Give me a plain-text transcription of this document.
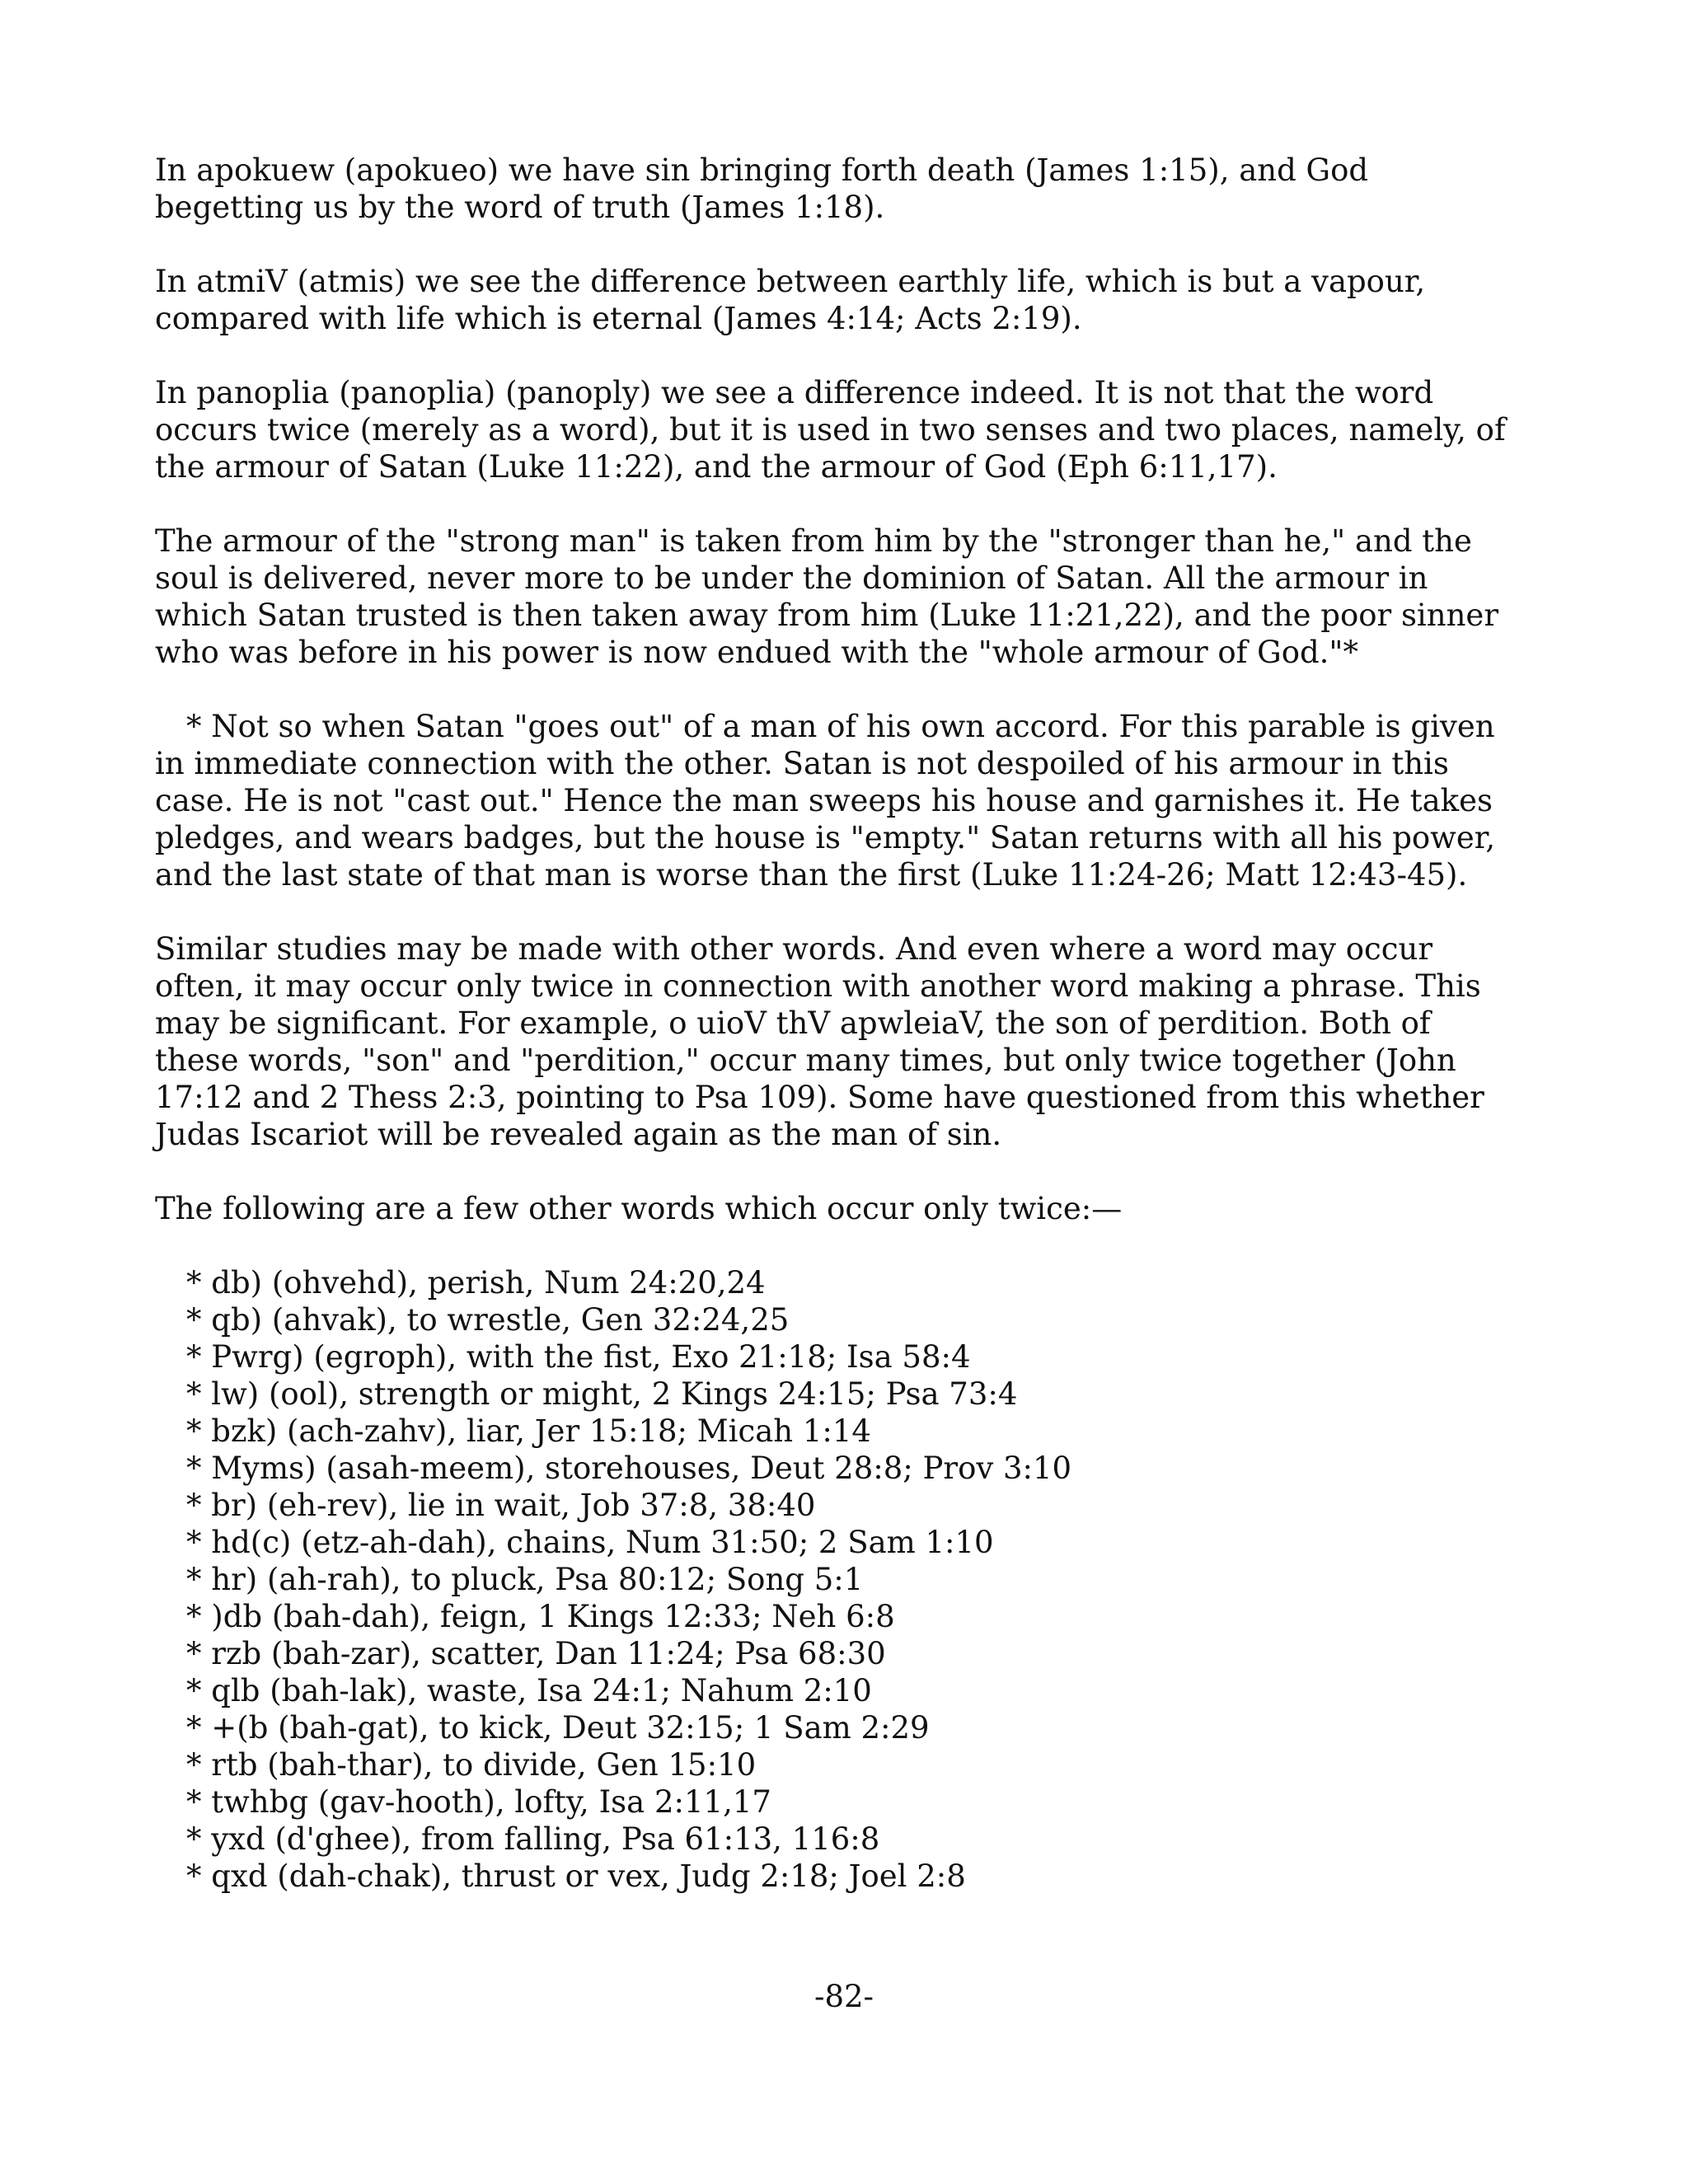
In apokuew (apokueo) we have sin bringing forth death (James 1:15), and God begetting us by the word of truth (James 1:18).

In atmiV (atmis) we see the difference between earthly life, which is but a vapour, compared with life which is eternal (James 4:14; Acts 2:19).

In panoplia (panoplia) (panoply) we see a difference indeed. It is not that the word occurs twice (merely as a word), but it is used in two senses and two places, namely, of the armour of Satan (Luke 11:22), and the armour of God (Eph 6:11,17).

The armour of the "strong man" is taken from him by the "stronger than he," and the soul is delivered, never more to be under the dominion of Satan. All the armour in which Satan trusted is then taken away from him (Luke 11:21,22), and the poor sinner who was before in his power is now endued with the "whole armour of God."*

* Not so when Satan "goes out" of a man of his own accord. For this parable is given in immediate connection with the other. Satan is not despoiled of his armour in this case. He is not "cast out." Hence the man sweeps his house and garnishes it. He takes pledges, and wears badges, but the house is "empty." Satan returns with all his power, and the last state of that man is worse than the first (Luke 11:24-26; Matt 12:43-45).

Similar studies may be made with other words. And even where a word may occur often, it may occur only twice in connection with another word making a phrase. This may be significant. For example, o uioV thV apwleiaV, the son of perdition. Both of these words, "son" and "perdition," occur many times, but only twice together (John 17:12 and 2 Thess 2:3, pointing to Psa 109). Some have questioned from this whether Judas Iscariot will be revealed again as the man of sin.

The following are a few other words which occur only twice:—

* db) (ohvehd), perish, Num 24:20,24
* qb) (ahvak), to wrestle, Gen 32:24,25
* Pwrg) (egroph), with the fist, Exo 21:18; Isa 58:4
* lw) (ool), strength or might, 2 Kings 24:15; Psa 73:4
* bzk) (ach-zahv), liar, Jer 15:18; Micah 1:14
* Myms) (asah-meem), storehouses, Deut 28:8; Prov 3:10
* br) (eh-rev), lie in wait, Job 37:8, 38:40
* hd(c) (etz-ah-dah), chains, Num 31:50; 2 Sam 1:10
* hr) (ah-rah), to pluck, Psa 80:12; Song 5:1
* )db (bah-dah), feign, 1 Kings 12:33; Neh 6:8
* rzb (bah-zar), scatter, Dan 11:24; Psa 68:30
* qlb (bah-lak), waste, Isa 24:1; Nahum 2:10
* +(b (bah-gat), to kick, Deut 32:15; 1 Sam 2:29
* rtb (bah-thar), to divide, Gen 15:10
* twhbg (gav-hooth), lofty, Isa 2:11,17
* yxd (d'ghee), from falling, Psa 61:13, 116:8
* qxd (dah-chak), thrust or vex, Judg 2:18; Joel 2:8
-82-
